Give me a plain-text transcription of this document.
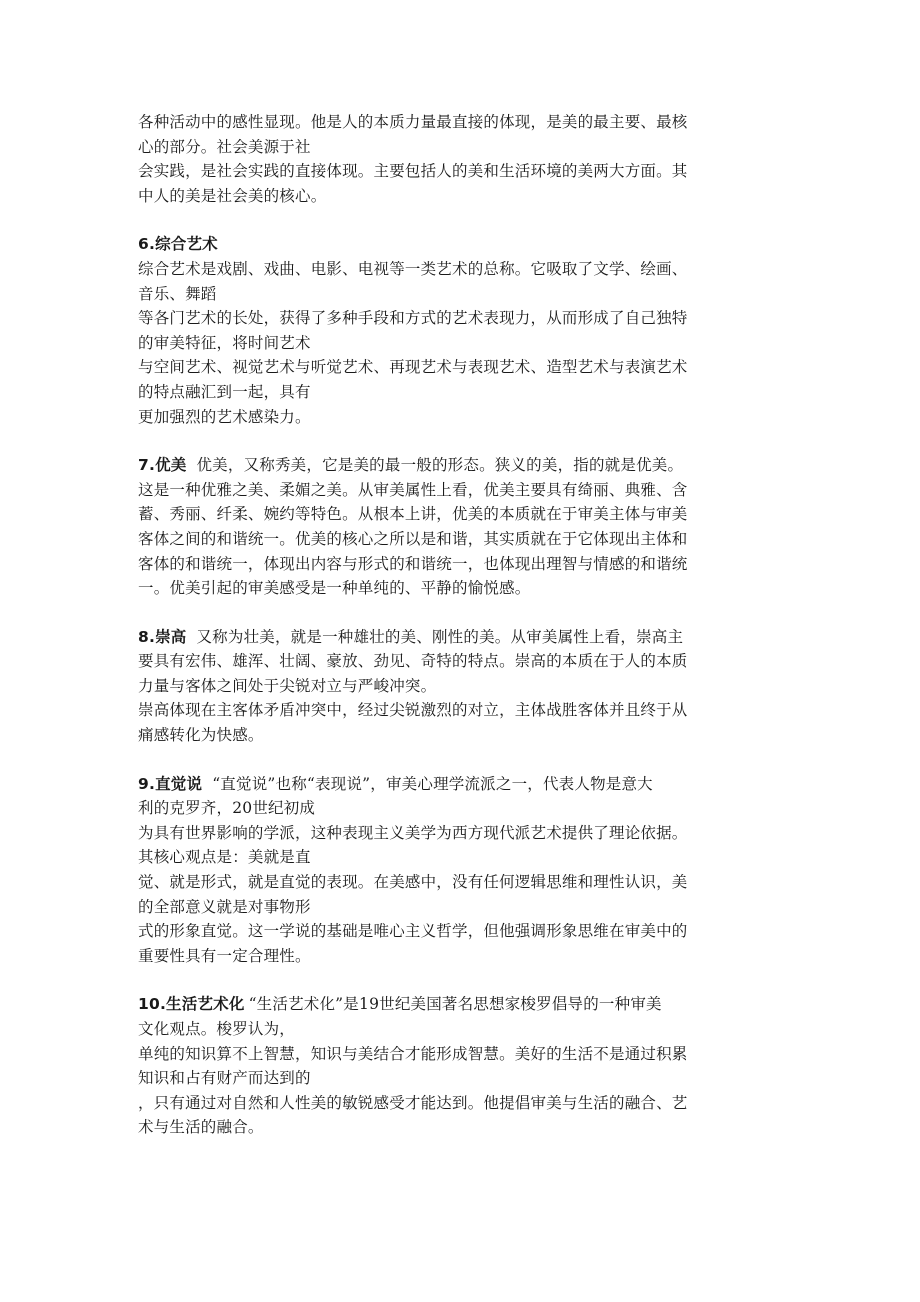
各种活动中的感性显现。他是人的本质力量最直接的体现，是美的最主要、最核
心的部分。社会美源于社
会实践，是社会实践的直接体现。主要包括人的美和生活环境的美两大方面。其
中人的美是社会美的核心。
6.综合艺术
综合艺术是戏剧、戏曲、电影、电视等一类艺术的总称。它吸取了文学、绘画、
音乐、舞蹈
等各门艺术的长处，获得了多种手段和方式的艺术表现力，从而形成了自己独特
的审美特征，将时间艺术
与空间艺术、视觉艺术与听觉艺术、再现艺术与表现艺术、造型艺术与表演艺术
的特点融汇到一起，具有
更加强烈的艺术感染力。
7.优美 优美，又称秀美，它是美的最一般的形态。狭义的美，指的就是优美。
这是一种优雅之美、柔媚之美。从审美属性上看，优美主要具有绮丽、典雅、含
蓄、秀丽、纤柔、婉约等特色。从根本上讲，优美的本质就在于审美主体与审美
客体之间的和谐统一。优美的核心之所以是和谐，其实质就在于它体现出主体和
客体的和谐统一，体现出内容与形式的和谐统一，也体现出理智与情感的和谐统
一。优美引起的审美感受是一种单纯的、平静的愉悦感。
8.崇高 又称为壮美，就是一种雄壮的美、刚性的美。从审美属性上看，崇高主
要具有宏伟、雄浑、壮阔、豪放、劲见、奇特的特点。崇高的本质在于人的本质
力量与客体之间处于尖锐对立与严峻冲突。
崇高体现在主客体矛盾冲突中，经过尖锐激烈的对立，主体战胜客体并且终于从
痛感转化为快感。
9.直觉说 “直觉说”也称“表现说”，审美心理学流派之一，代表人物是意大
利的克罗齐，20世纪初成
为具有世界影响的学派，这种表现主义美学为西方现代派艺术提供了理论依据。
其核心观点是：美就是直
觉、就是形式，就是直觉的表现。在美感中，没有任何逻辑思维和理性认识，美
的全部意义就是对事物形
式的形象直觉。这一学说的基础是唯心主义哲学，但他强调形象思维在审美中的
重要性具有一定合理性。
10.生活艺术化 “生活艺术化”是19世纪美国著名思想家梭罗倡导的一种审美
文化观点。梭罗认为，
单纯的知识算不上智慧，知识与美结合才能形成智慧。美好的生活不是通过积累
知识和占有财产而达到的
，只有通过对自然和人性美的敏锐感受才能达到。他提倡审美与生活的融合、艺
术与生活的融合。
